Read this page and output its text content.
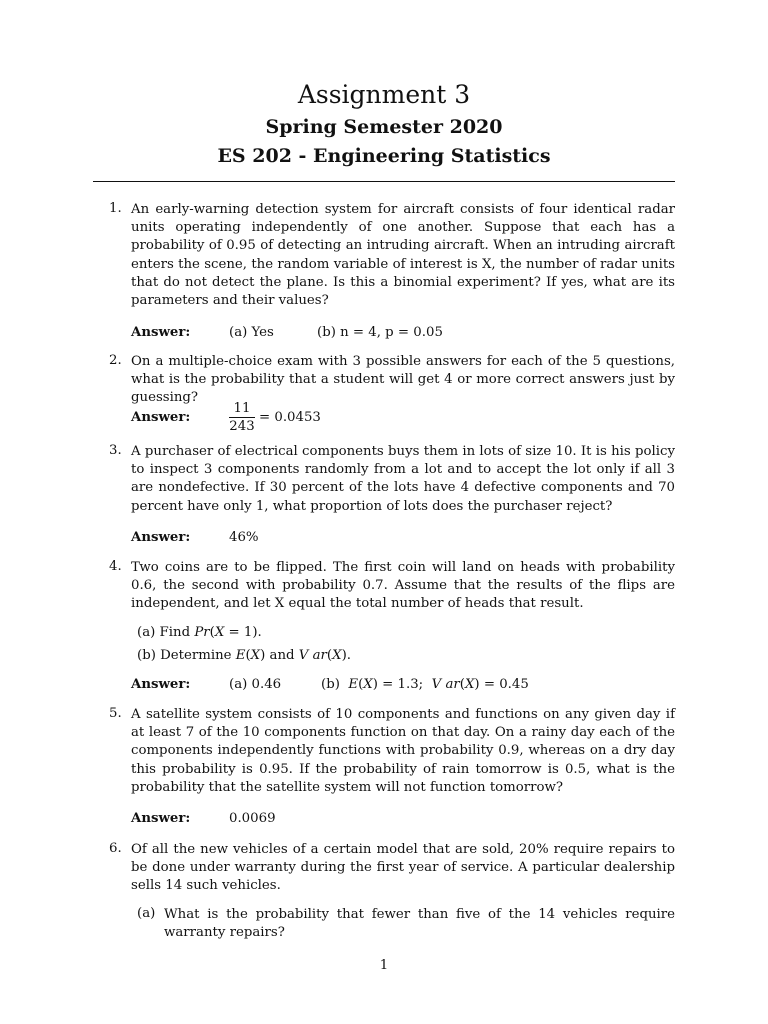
Assignment 3
Spring Semester 2020
ES 202 - Engineering Statistics
1. An early-warning detection system for aircraft consists of four identical radar units operating independently of one another. Suppose that each has a probability of 0.95 of detecting an intruding aircraft. When an intruding aircraft enters the scene, the random variable of interest is X, the number of radar units that do not detect the plane. Is this a binomial experiment? If yes, what are its parameters and their values?
Answer:	(a) Yes	(b) n = 4, p = 0.05
2. On a multiple-choice exam with 3 possible answers for each of the 5 questions, what is the probability that a student will get 4 or more correct answers just by guessing?
Answer:
11
243
= 0.0453
3. A purchaser of electrical components buys them in lots of size 10. It is his policy to inspect 3 components randomly from a lot and to accept the lot only if all 3 are nondefective. If 30 percent of the lots have 4 defective components and 70 percent have only 1, what proportion of lots does the purchaser reject?
Answer:	46%
4. Two coins are to be flipped. The first coin will land on heads with probability 0.6, the second with probability 0.7. Assume that the results of the flips are independent, and let X equal the total number of heads that result.
(a) Find Pr(X = 1).
(b) Determine E(X) and V ar(X).
Answer:	(a) 0.46	(b)  E(X) = 1.3;  V ar(X) = 0.45
5. A satellite system consists of 10 components and functions on any given day if at least 7 of the 10 components function on that day. On a rainy day each of the components independently functions with probability 0.9, whereas on a dry day this probability is 0.95. If the probability of rain tomorrow is 0.5, what is the probability that the satellite system will not function tomorrow?
Answer:	0.0069
6. Of all the new vehicles of a certain model that are sold, 20% require repairs to be done under warranty during the first year of service. A particular dealership sells 14 such vehicles.
(a) What is the probability that fewer than five of the 14 vehicles require warranty repairs?
1
